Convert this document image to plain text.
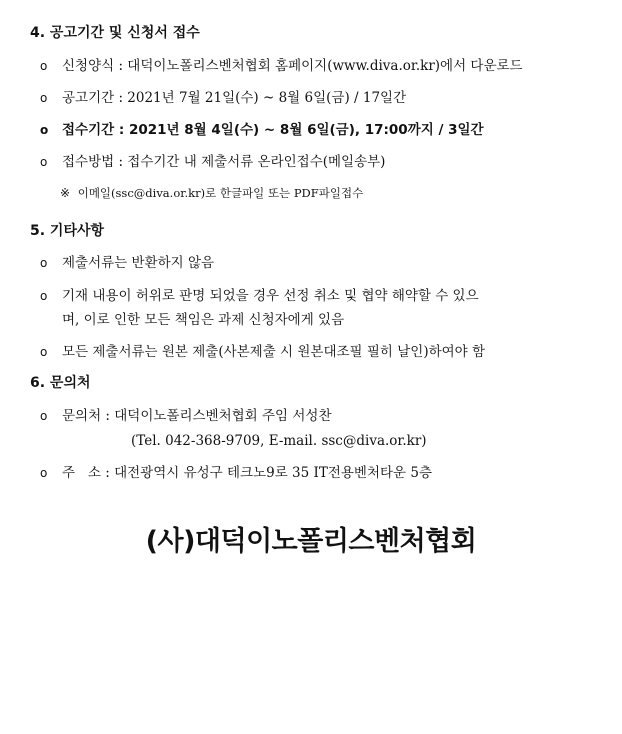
4. 공고기간 및 신청서 접수
o	신청양식 : 대덕이노폴리스벤처협회 홈페이지(www.diva.or.kr)에서 다운로드
o	공고기간 : 2021년 7월 21일(수) ~ 8월 6일(금) / 17일간
o	접수기간 : 2021년 8월 4일(수) ~ 8월 6일(금), 17:00까지 / 3일간
o	접수방법 : 접수기간 내 제출서류 온라인접수(메일송부)
※ 이메일(ssc@diva.or.kr)로 한글파일 또는 PDF파일접수
5. 기타사항
o	제출서류는 반환하지 않음
o	기재 내용이 허위로 판명 되었을 경우 선정 취소 및 협약 해약할 수 있으
며, 이로 인한 모든 책임은 과제 신청자에게 있음
o	모든 제출서류는 원본 제출(사본제출 시 원본대조필 필히 날인)하여야 함
6. 문의처
o	문의처 : 대덕이노폴리스벤처협회 주임 서성찬
(Tel. 042-368-9709, E-mail. ssc@diva.or.kr)
o	주   소 : 대전광역시 유성구 테크노9로 35 IT전용벤처타운 5층
(사)대덕이노폴리스벤처협회
